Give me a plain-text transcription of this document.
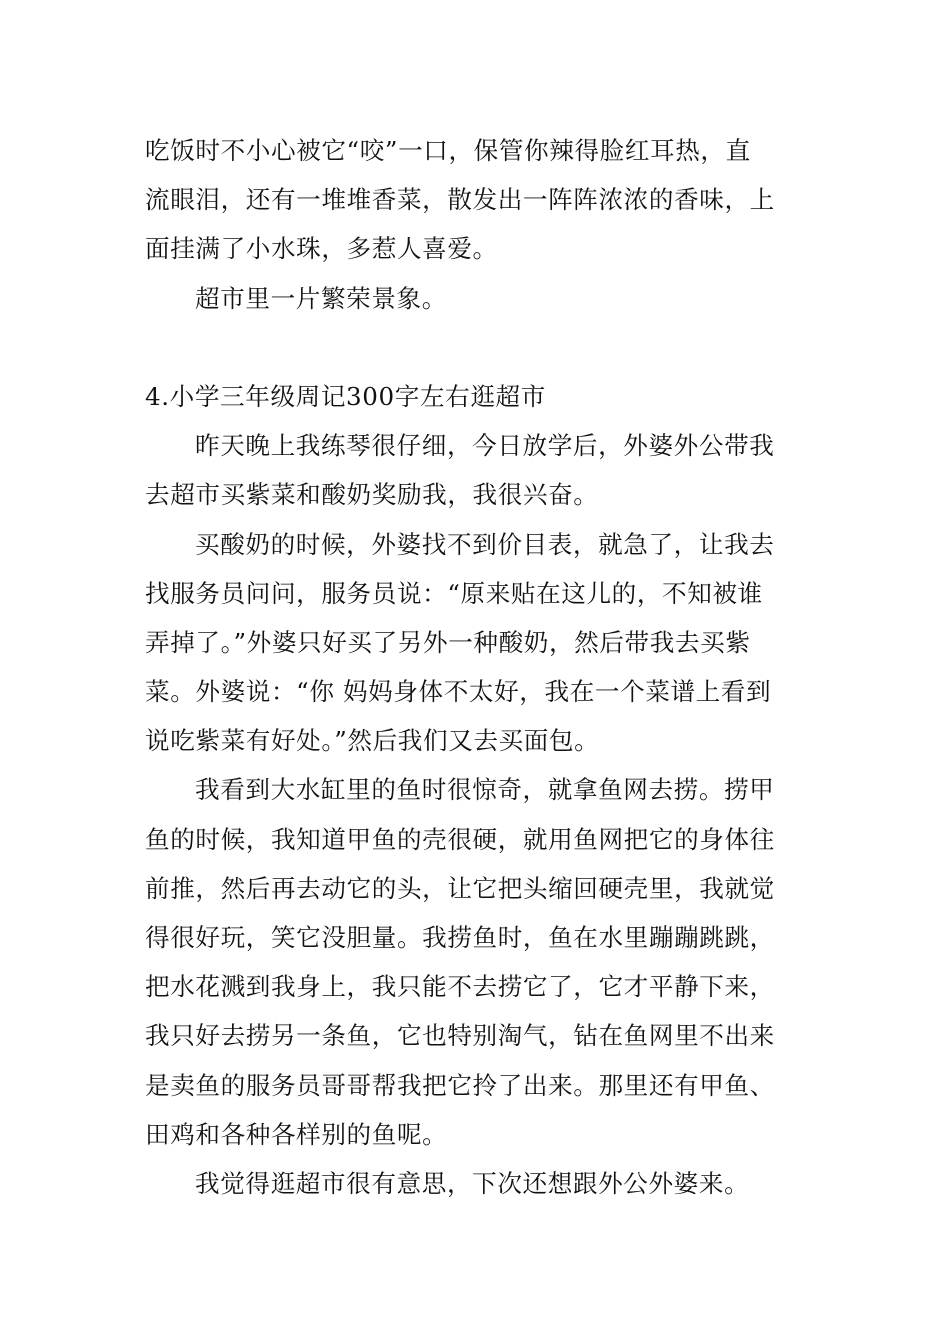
吃饭时不小心被它“咬”一口，保管你辣得脸红耳热，直
流眼泪，还有一堆堆香菜，散发出一阵阵浓浓的香味，上
面挂满了小水珠，多惹人喜爱。
超市里一片繁荣景象。
4.小学三年级周记300字左右逛超市
昨天晚上我练琴很仔细，今日放学后，外婆外公带我
去超市买紫菜和酸奶奖励我，我很兴奋。
买酸奶的时候，外婆找不到价目表，就急了，让我去
找服务员问问，服务员说：“原来贴在这儿的，不知被谁
弄掉了。”外婆只好买了另外一种酸奶，然后带我去买紫
菜。外婆说：“你 妈妈身体不太好，我在一个菜谱上看到
说吃紫菜有好处。”然后我们又去买面包。
我看到大水缸里的鱼时很惊奇，就拿鱼网去捞。捞甲
鱼的时候，我知道甲鱼的壳很硬，就用鱼网把它的身体往
前推，然后再去动它的头，让它把头缩回硬壳里，我就觉
得很好玩，笑它没胆量。我捞鱼时，鱼在水里蹦蹦跳跳，
把水花溅到我身上，我只能不去捞它了，它才平静下来，
我只好去捞另一条鱼，它也特别淘气，钻在鱼网里不出来
是卖鱼的服务员哥哥帮我把它拎了出来。那里还有甲鱼、
田鸡和各种各样别的鱼呢。
我觉得逛超市很有意思，下次还想跟外公外婆来。
